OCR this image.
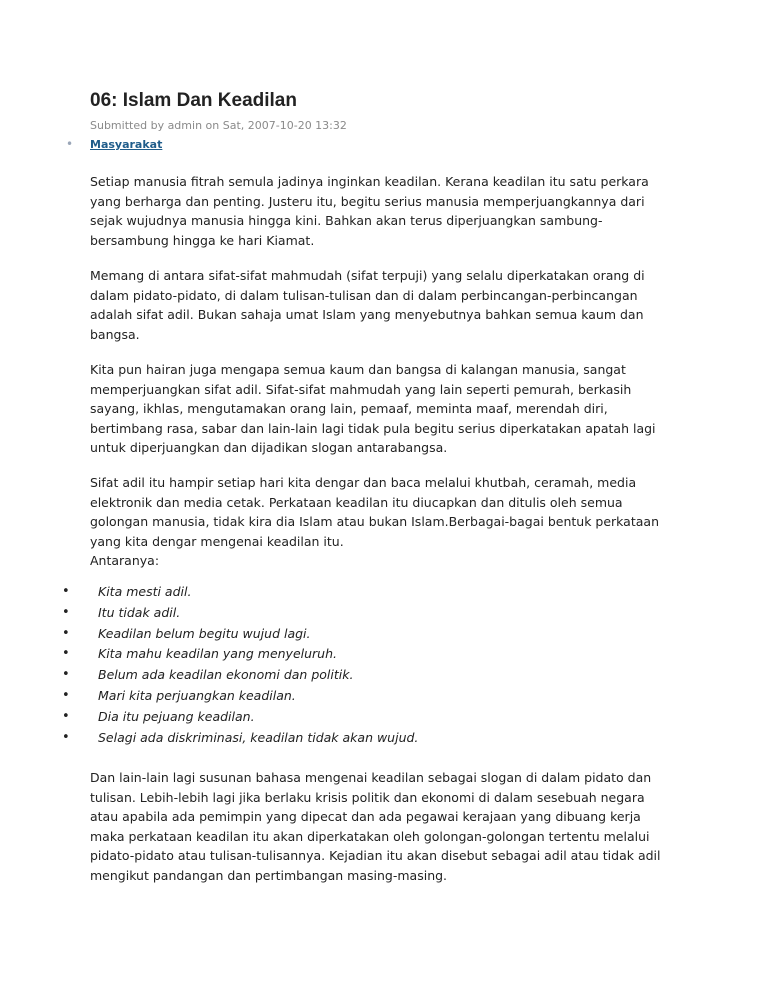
06: Islam Dan Keadilan
Submitted by admin on Sat, 2007-10-20 13:32
• Masyarakat

Setiap manusia fitrah semula jadinya inginkan keadilan. Kerana keadilan itu satu perkara
yang berharga dan penting. Justeru itu, begitu serius manusia memperjuangkannya dari
sejak wujudnya manusia hingga kini. Bahkan akan terus diperjuangkan sambung-
bersambung hingga ke hari Kiamat.

Memang di antara sifat-sifat mahmudah (sifat terpuji) yang selalu diperkatakan orang di
dalam pidato-pidato, di dalam tulisan-tulisan dan di dalam perbincangan-perbincangan
adalah sifat adil. Bukan sahaja umat Islam yang menyebutnya bahkan semua kaum dan
bangsa.

Kita pun hairan juga mengapa semua kaum dan bangsa di kalangan manusia, sangat
memperjuangkan sifat adil. Sifat-sifat mahmudah yang lain seperti pemurah, berkasih
sayang, ikhlas, mengutamakan orang lain, pemaaf, meminta maaf, merendah diri,
bertimbang rasa, sabar dan lain-lain lagi tidak pula begitu serius diperkatakan apatah lagi
untuk diperjuangkan dan dijadikan slogan antarabangsa.

Sifat adil itu hampir setiap hari kita dengar dan baca melalui khutbah, ceramah, media
elektronik dan media cetak. Perkataan keadilan itu diucapkan dan ditulis oleh semua
golongan manusia, tidak kira dia Islam atau bukan Islam.Berbagai-bagai bentuk perkataan
yang kita dengar mengenai keadilan itu.
Antaranya:

• Kita mesti adil.
• Itu tidak adil.
• Keadilan belum begitu wujud lagi.
• Kita mahu keadilan yang menyeluruh.
• Belum ada keadilan ekonomi dan politik.
• Mari kita perjuangkan keadilan.
• Dia itu pejuang keadilan.
• Selagi ada diskriminasi, keadilan tidak akan wujud.

Dan lain-lain lagi susunan bahasa mengenai keadilan sebagai slogan di dalam pidato dan
tulisan. Lebih-lebih lagi jika berlaku krisis politik dan ekonomi di dalam sesebuah negara
atau apabila ada pemimpin yang dipecat dan ada pegawai kerajaan yang dibuang kerja
maka perkataan keadilan itu akan diperkatakan oleh golongan-golongan tertentu melalui
pidato-pidato atau tulisan-tulisannya. Kejadian itu akan disebut sebagai adil atau tidak adil
mengikut pandangan dan pertimbangan masing-masing.
